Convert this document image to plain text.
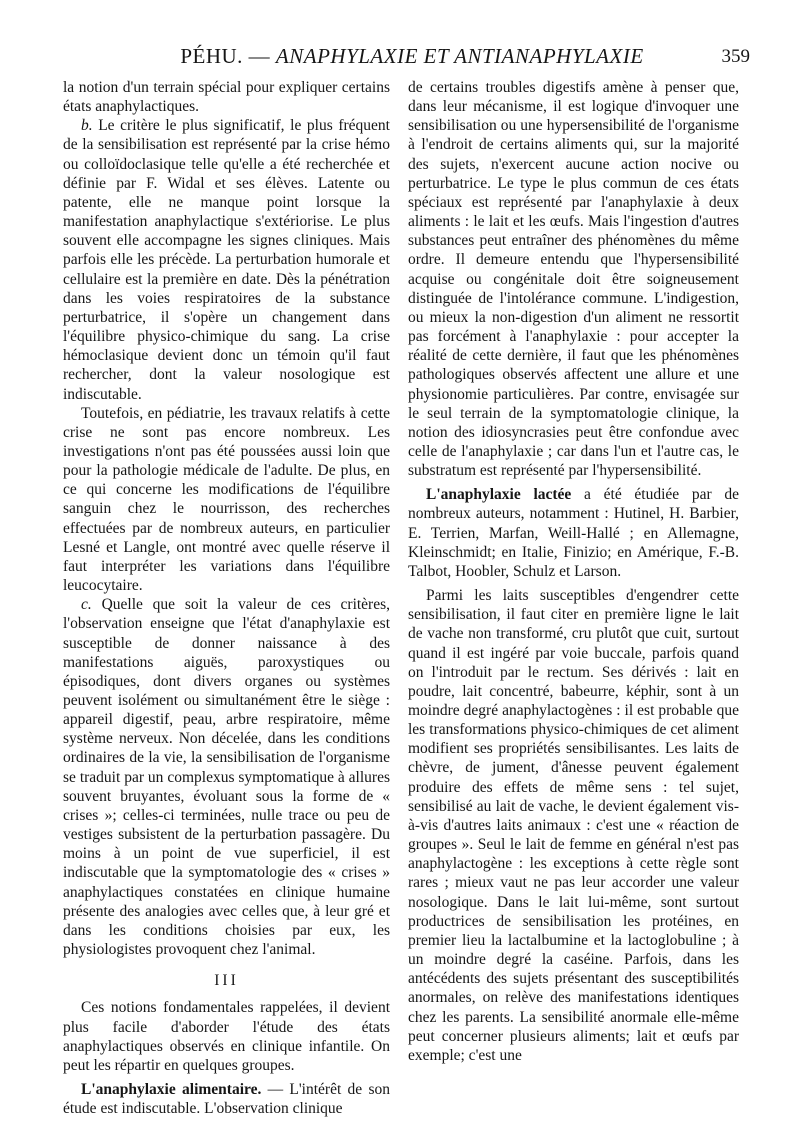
PÉHU. — ANAPHYLAXIE ET ANTIANAPHYLAXIE	359

la notion d'un terrain spécial pour expliquer certains états anaphylactiques.

b. Le critère le plus significatif, le plus fréquent de la sensibilisation est représenté par la crise hémo ou colloïdoclasique telle qu'elle a été recherchée et définie par F. Widal et ses élèves. Latente ou patente, elle ne manque point lorsque la manifestation anaphylactique s'extériorise. Le plus souvent elle accompagne les signes cliniques. Mais parfois elle les précède. La perturbation humorale et cellulaire est la première en date. Dès la pénétration dans les voies respiratoires de la substance perturbatrice, il s'opère un changement dans l'équilibre physico-chimique du sang. La crise hémoclasique devient donc un témoin qu'il faut rechercher, dont la valeur nosologique est indiscutable.

Toutefois, en pédiatrie, les travaux relatifs à cette crise ne sont pas encore nombreux. Les investigations n'ont pas été poussées aussi loin que pour la pathologie médicale de l'adulte. De plus, en ce qui concerne les modifications de l'équilibre sanguin chez le nourrisson, des recherches effectuées par de nombreux auteurs, en particulier Lesné et Langle, ont montré avec quelle réserve il faut interpréter les variations dans l'équilibre leucocytaire.

c. Quelle que soit la valeur de ces critères, l'observation enseigne que l'état d'anaphylaxie est susceptible de donner naissance à des manifestations aiguës, paroxystiques ou épisodiques, dont divers organes ou systèmes peuvent isolément ou simultanément être le siège : appareil digestif, peau, arbre respiratoire, même système nerveux. Non décelée, dans les conditions ordinaires de la vie, la sensibilisation de l'organisme se traduit par un complexus symptomatique à allures souvent bruyantes, évoluant sous la forme de « crises »; celles-ci terminées, nulle trace ou peu de vestiges subsistent de la perturbation passagère. Du moins à un point de vue superficiel, il est indiscutable que la symptomatologie des « crises » anaphylactiques constatées en clinique humaine présente des analogies avec celles que, à leur gré et dans les conditions choisies par eux, les physiologistes provoquent chez l'animal.

III

Ces notions fondamentales rappelées, il devient plus facile d'aborder l'étude des états anaphylactiques observés en clinique infantile. On peut les répartir en quelques groupes.

L'anaphylaxie alimentaire. — L'intérêt de son étude est indiscutable. L'observation clinique

de certains troubles digestifs amène à penser que, dans leur mécanisme, il est logique d'invoquer une sensibilisation ou une hypersensibilité de l'organisme à l'endroit de certains aliments qui, sur la majorité des sujets, n'exercent aucune action nocive ou perturbatrice. Le type le plus commun de ces états spéciaux est représenté par l'anaphylaxie à deux aliments : le lait et les œufs. Mais l'ingestion d'autres substances peut entraîner des phénomènes du même ordre. Il demeure entendu que l'hypersensibilité acquise ou congénitale doit être soigneusement distinguée de l'intolérance commune. L'indigestion, ou mieux la non-digestion d'un aliment ne ressortit pas forcément à l'anaphylaxie : pour accepter la réalité de cette dernière, il faut que les phénomènes pathologiques observés affectent une allure et une physionomie particulières. Par contre, envisagée sur le seul terrain de la symptomatologie clinique, la notion des idiosyncrasies peut être confondue avec celle de l'anaphylaxie ; car dans l'un et l'autre cas, le substratum est représenté par l'hypersensibilité.

L'anaphylaxie lactée a été étudiée par de nombreux auteurs, notamment : Hutinel, H. Barbier, E. Terrien, Marfan, Weill-Hallé ; en Allemagne, Kleinschmidt; en Italie, Finizio; en Amérique, F.-B. Talbot, Hoobler, Schulz et Larson.

Parmi les laits susceptibles d'engendrer cette sensibilisation, il faut citer en première ligne le lait de vache non transformé, cru plutôt que cuit, surtout quand il est ingéré par voie buccale, parfois quand on l'introduit par le rectum. Ses dérivés : lait en poudre, lait concentré, babeurre, képhir, sont à un moindre degré anaphylactogènes : il est probable que les transformations physico-chimiques de cet aliment modifient ses propriétés sensibilisantes. Les laits de chèvre, de jument, d'ânesse peuvent également produire des effets de même sens : tel sujet, sensibilisé au lait de vache, le devient également vis-à-vis d'autres laits animaux : c'est une « réaction de groupes ». Seul le lait de femme en général n'est pas anaphylactogène : les exceptions à cette règle sont rares ; mieux vaut ne pas leur accorder une valeur nosologique. Dans le lait lui-même, sont surtout productrices de sensibilisation les protéines, en premier lieu la lactalbumine et la lactoglobuline ; à un moindre degré la caséine. Parfois, dans les antécédents des sujets présentant des susceptibilités anormales, on relève des manifestations identiques chez les parents. La sensibilité anormale elle-même peut concerner plusieurs aliments; lait et œufs par exemple; c'est une
